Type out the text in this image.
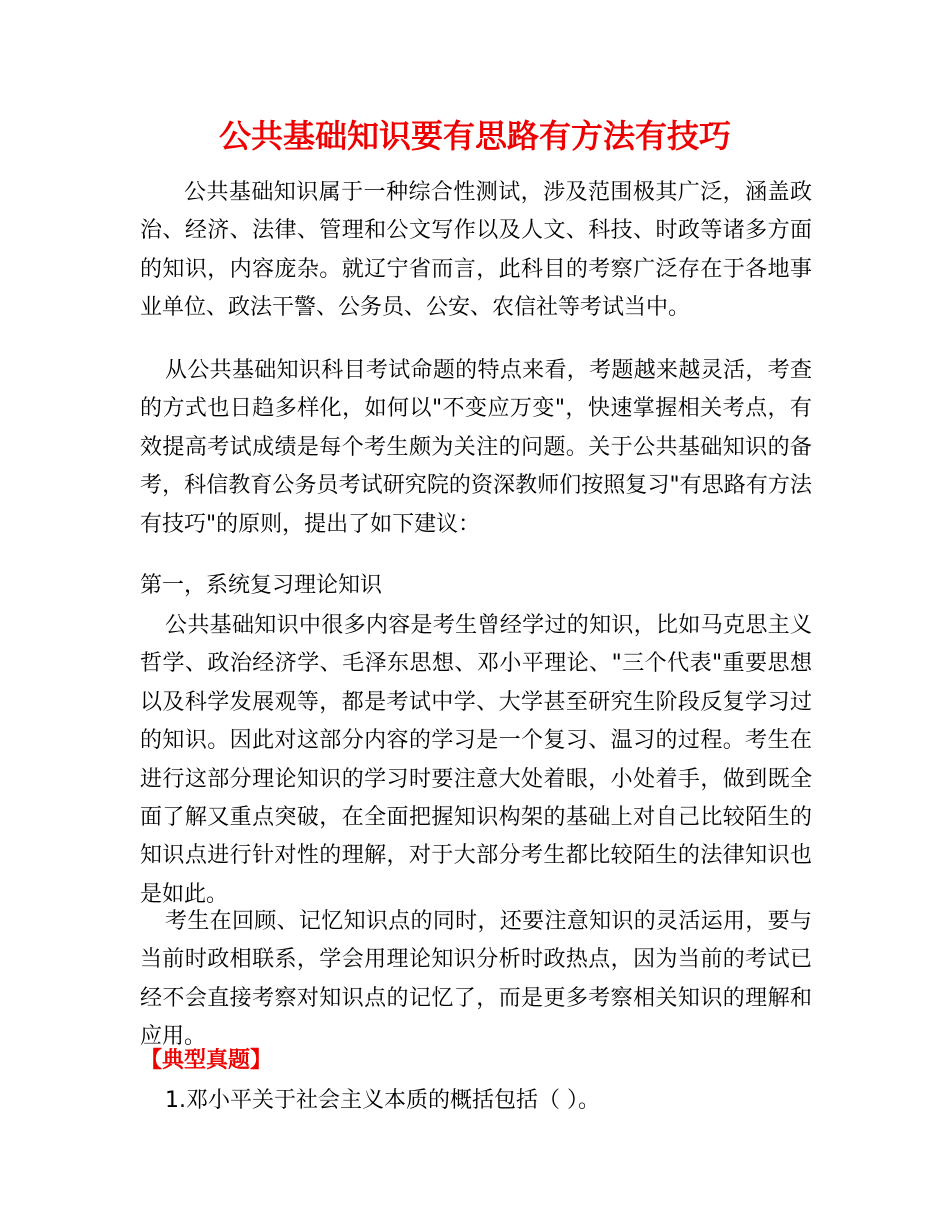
公共基础知识要有思路有方法有技巧

公共基础知识属于一种综合性测试，涉及范围极其广泛，涵盖政治、经济、法律、管理和公文写作以及人文、科技、时政等诸多方面的知识，内容庞杂。就辽宁省而言，此科目的考察广泛存在于各地事业单位、政法干警、公务员、公安、农信社等考试当中。

从公共基础知识科目考试命题的特点来看，考题越来越灵活，考查的方式也日趋多样化，如何以"不变应万变"，快速掌握相关考点，有效提高考试成绩是每个考生颇为关注的问题。关于公共基础知识的备考，科信教育公务员考试研究院的资深教师们按照复习"有思路有方法有技巧"的原则，提出了如下建议：

第一，系统复习理论知识

公共基础知识中很多内容是考生曾经学过的知识，比如马克思主义哲学、政治经济学、毛泽东思想、邓小平理论、"三个代表"重要思想以及科学发展观等，都是考试中学、大学甚至研究生阶段反复学习过的知识。因此对这部分内容的学习是一个复习、温习的过程。考生在进行这部分理论知识的学习时要注意大处着眼，小处着手，做到既全面了解又重点突破，在全面把握知识构架的基础上对自己比较陌生的知识点进行针对性的理解，对于大部分考生都比较陌生的法律知识也是如此。

考生在回顾、记忆知识点的同时，还要注意知识的灵活运用，要与当前时政相联系，学会用理论知识分析时政热点，因为当前的考试已经不会直接考察对知识点的记忆了，而是更多考察相关知识的理解和应用。

【典型真题】

1.邓小平关于社会主义本质的概括包括（ ）。
